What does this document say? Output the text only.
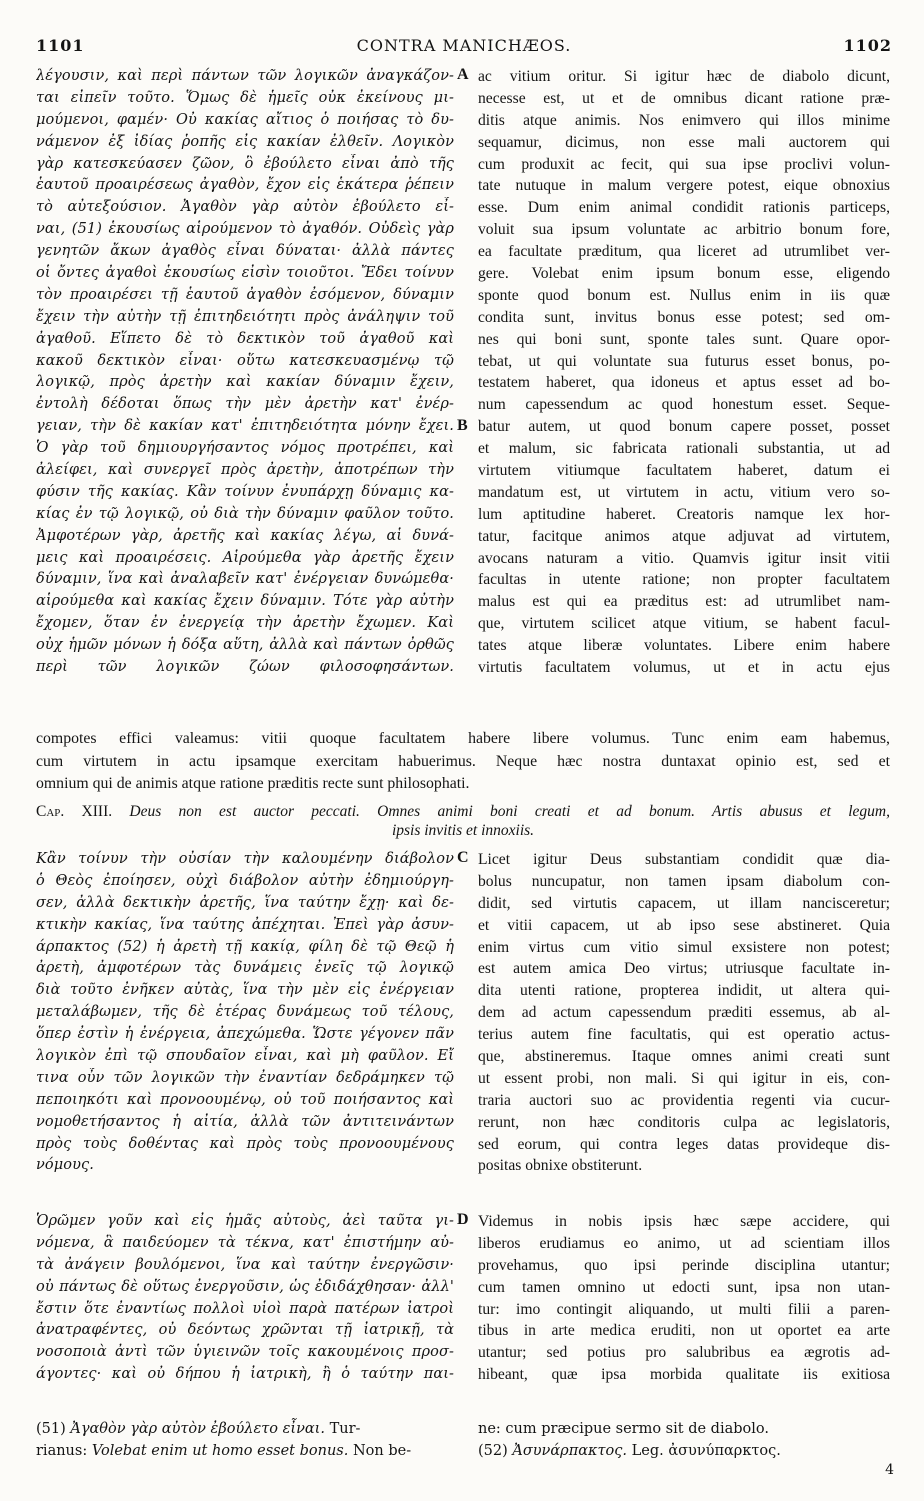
1101	CONTRA MANICHÆOS.	1102
λέγουσιν, καὶ περὶ πάντων τῶν λογικῶν ἀναγκάζον-
ται εἰπεῖν τοῦτο. Ὅμως δὲ ἡμεῖς οὐκ ἐκείνους μι-
μούμενοι, φαμέν· Οὐ κακίας αἴτιος ὁ ποιήσας τὸ δυ-
νάμενον ἐξ ἰδίας ῥοπῆς εἰς κακίαν ἐλθεῖν. Λογικὸν
γὰρ κατεσκεύασεν ζῶον, ὃ ἐβούλετο εἶναι ἀπὸ τῆς
ἑαυτοῦ προαιρέσεως ἀγαθὸν, ἔχον εἰς ἑκάτερα ῥέπειν
τὸ αὐτεξούσιον. Ἀγαθὸν γὰρ αὐτὸν ἐβούλετο εἶ-
ναι, (51) ἑκουσίως αἱρούμενον τὸ ἀγαθόν. Οὐδεὶς γὰρ
γενητῶν ἄκων ἀγαθὸς εἶναι δύναται· ἀλλὰ πάντες
οἱ ὄντες ἀγαθοὶ ἑκουσίως εἰσὶν τοιοῦτοι. Ἔδει τοίνυν
τὸν προαιρέσει τῇ ἑαυτοῦ ἀγαθὸν ἐσόμενον, δύναμιν
ἔχειν τὴν αὐτὴν τῇ ἐπιτηδειότητι πρὸς ἀνάληψιν τοῦ
ἀγαθοῦ. Εἵπετο δὲ τὸ δεκτικὸν τοῦ ἀγαθοῦ καὶ
κακοῦ δεκτικὸν εἶναι· οὕτω κατεσκευασμένῳ τῷ
λογικῷ, πρὸς ἀρετὴν καὶ κακίαν δύναμιν ἔχειν,
ἐντολὴ δέδοται ὅπως τὴν μὲν ἀρετὴν κατ' ἐνέρ-
γειαν, τὴν δὲ κακίαν κατ' ἐπιτηδειότητα μόνην ἔχει.
Ὁ γὰρ τοῦ δημιουργήσαντος νόμος προτρέπει, καὶ
ἀλείφει, καὶ συνεργεῖ πρὸς ἀρετὴν, ἀποτρέπων τὴν
φύσιν τῆς κακίας. Κἂν τοίνυν ἐνυπάρχῃ δύναμις κα-
κίας ἐν τῷ λογικῷ, οὐ διὰ τὴν δύναμιν φαῦλον τοῦτο.
Ἀμφοτέρων γὰρ, ἀρετῆς καὶ κακίας λέγω, αἱ δυνά-
μεις καὶ προαιρέσεις. Αἱρούμεθα γὰρ ἀρετῆς ἔχειν
δύναμιν, ἵνα καὶ ἀναλαβεῖν κατ' ἐνέργειαν δυνώμεθα·
αἱρούμεθα καὶ κακίας ἔχειν δύναμιν. Τότε γὰρ αὐτὴν
ἔχομεν, ὅταν ἐν ἐνεργείᾳ τὴν ἀρετὴν ἔχωμεν. Καὶ
οὐχ ἡμῶν μόνων ἡ δόξα αὕτη, ἀλλὰ καὶ πάντων ὀρθῶς
περὶ τῶν λογικῶν ζώων φιλοσοφησάντων.
ac vitium oritur. Si igitur hæc de diabolo dicunt,
necesse est, ut et de omnibus dicant ratione præ-
ditis atque animis. Nos enimvero qui illos minime
sequamur, dicimus, non esse mali auctorem qui
cum produxit ac fecit, qui sua ipse proclivi volun-
tate nutuque in malum vergere potest, eique obnoxius
esse. Dum enim animal condidit rationis particeps,
voluit sua ipsum voluntate ac arbitrio bonum fore,
ea facultate præditum, qua liceret ad utrumlibet ver-
gere. Volebat enim ipsum bonum esse, eligendo
sponte quod bonum est. Nullus enim in iis quæ
condita sunt, invitus bonus esse potest; sed om-
nes qui boni sunt, sponte tales sunt. Quare opor-
tebat, ut qui voluntate sua futurus esset bonus, po-
testatem haberet, qua idoneus et aptus esset ad bo-
num capessendum ac quod honestum esset. Seque-
batur autem, ut quod bonum capere posset, posset
et malum, sic fabricata rationali substantia, ut ad
virtutem vitiumque facultatem haberet, datum ei
mandatum est, ut virtutem in actu, vitium vero so-
lum aptitudine haberet. Creatoris namque lex hor-
tatur, facitque animos atque adjuvat ad virtutem,
avocans naturam a vitio. Quamvis igitur insit vitii
facultas in utente ratione; non propter facultatem
malus est qui ea præditus est: ad utrumlibet nam-
que, virtutem scilicet atque vitium, se habent facul-
tates atque liberæ voluntates. Libere enim habere
virtutis facultatem volumus, ut et in actu ejus
A
B
compotes effici valeamus: vitii quoque facultatem habere libere volumus. Tunc enim eam habemus,
cum virtutem in actu ipsamque exercitam habuerimus. Neque hæc nostra duntaxat opinio est, sed et
omnium qui de animis atque ratione præditis recte sunt philosophati.
Cap. XIII. Deus non est auctor peccati. Omnes animi boni creati et ad bonum. Artis abusus et legum,
ipsis invitis et innoxiis.
Κἂν τοίνυν τὴν οὐσίαν τὴν καλουμένην διάβολον
ὁ Θεὸς ἐποίησεν, οὐχὶ διάβολον αὐτὴν ἐδημιούργη-
σεν, ἀλλὰ δεκτικὴν ἀρετῆς, ἵνα ταύτην ἔχῃ· καὶ δε-
κτικὴν κακίας, ἵνα ταύτης ἀπέχηται. Ἐπεὶ γὰρ ἀσυν-
άρπακτος (52) ἡ ἀρετὴ τῇ κακίᾳ, φίλη δὲ τῷ Θεῷ ἡ
ἀρετὴ, ἀμφοτέρων τὰς δυνάμεις ἐνεῖς τῷ λογικῷ
διὰ τοῦτο ἐνῆκεν αὐτὰς, ἵνα τὴν μὲν εἰς ἐνέργειαν
μεταλάβωμεν, τῆς δὲ ἑτέρας δυνάμεως τοῦ τέλους,
ὅπερ ἐστὶν ἡ ἐνέργεια, ἀπεχώμεθα. Ὥστε γέγονεν πᾶν
λογικὸν ἐπὶ τῷ σπουδαῖον εἶναι, καὶ μὴ φαῦλον. Εἴ
τινα οὖν τῶν λογικῶν τὴν ἐναντίαν δεδράμηκεν τῷ
πεποιηκότι καὶ προνοουμένῳ, οὐ τοῦ ποιήσαντος καὶ
νομοθετήσαντος ἡ αἰτία, ἀλλὰ τῶν ἀντιτεινάντων
πρὸς τοὺς δοθέντας καὶ πρὸς τοὺς προνοουμένους
νόμους.
Licet igitur Deus substantiam condidit quæ dia-
bolus nuncupatur, non tamen ipsam diabolum con-
didit, sed virtutis capacem, ut illam nancisceretur;
et vitii capacem, ut ab ipso sese abstineret. Quia
enim virtus cum vitio simul exsistere non potest;
est autem amica Deo virtus; utriusque facultate in-
dita utenti ratione, propterea indidit, ut altera qui-
dem ad actum capessendum præditi essemus, ab al-
terius autem fine facultatis, qui est operatio actus-
que, abstineremus. Itaque omnes animi creati sunt
ut essent probi, non mali. Si qui igitur in eis, con-
traria auctori suo ac providentia regenti via cucur-
rerunt, non hæc conditoris culpa ac legislatoris,
sed eorum, qui contra leges datas provideque dis-
positas obnixe obstiterunt.
C
Ὁρῶμεν γοῦν καὶ εἰς ἡμᾶς αὐτοὺς, ἀεὶ ταῦτα γι-
νόμενα, ἃ παιδεύομεν τὰ τέκνα, κατ' ἐπιστήμην αὐ-
τὰ ἀνάγειν βουλόμενοι, ἵνα καὶ ταύτην ἐνεργῶσιν·
οὐ πάντως δὲ οὕτως ἐνεργοῦσιν, ὡς ἐδιδάχθησαν· ἀλλ'
ἔστιν ὅτε ἐναντίως πολλοὶ υἱοὶ παρὰ πατέρων ἰατροὶ
ἀνατραφέντες, οὐ δεόντως χρῶνται τῇ ἰατρικῇ, τὰ
νοσοποιὰ ἀντὶ τῶν ὑγιεινῶν τοῖς κακουμένοις προσ-
άγοντες· καὶ οὐ δήπου ἡ ἰατρικὴ, ἢ ὁ ταύτην παι-
Videmus in nobis ipsis hæc sæpe accidere, qui
liberos erudiamus eo animo, ut ad scientiam illos
provehamus, quo ipsi perinde disciplina utantur;
cum tamen omnino ut edocti sunt, ipsa non utan-
tur: imo contingit aliquando, ut multi filii a paren-
tibus in arte medica eruditi, non ut oportet ea arte
utantur; sed potius pro salubribus ea ægrotis ad-
hibeant, quæ ipsa morbida qualitate iis exitiosa
D
(51) Ἀγαθὸν γὰρ αὐτὸν ἐβούλετο εἶναι. Tur-
rianus: Volebat enim ut homo esset bonus. Non be-
ne: cum præcipue sermo sit de diabolo.
(52) Ἀσυνάρπακτος. Leg. ἀσυνύπαρκτος.
4
